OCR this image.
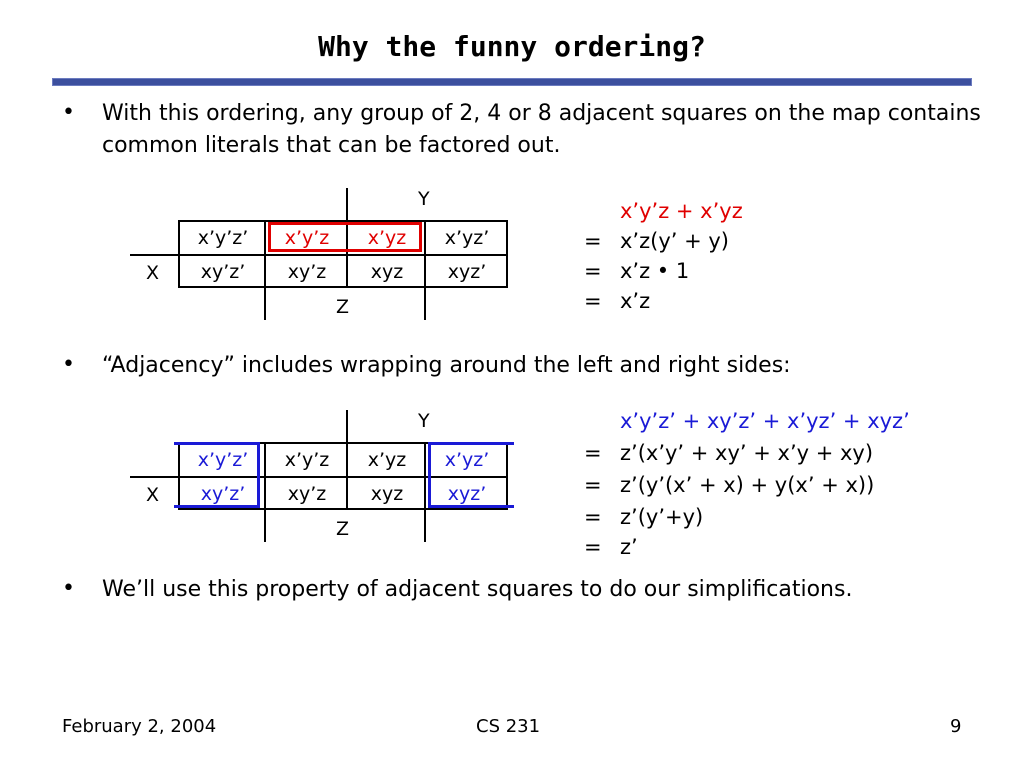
Why the funny ordering?
• With this ordering, any group of 2, 4 or 8 adjacent squares on the map contains common literals that can be factored out.
Y
X
Z
x’y’z’	x’y’z	x’yz	x’yz’
xy’z’	xy’z	xyz	xyz’
x’y’z + x’yz
= x’z(y’ + y)
= x’z • 1
= x’z
• “Adjacency” includes wrapping around the left and right sides:
Y
X
Z
x’y’z’	x’y’z	x’yz	x’yz’
xy’z’	xy’z	xyz	xyz’
x’y’z’ + xy’z’ + x’yz’ + xyz’
= z’(x’y’ + xy’ + x’y + xy)
= z’(y’(x’ + x) + y(x’ + x))
= z’(y’+y)
= z’
• We’ll use this property of adjacent squares to do our simplifications.
February 2, 2004	CS 231	9
